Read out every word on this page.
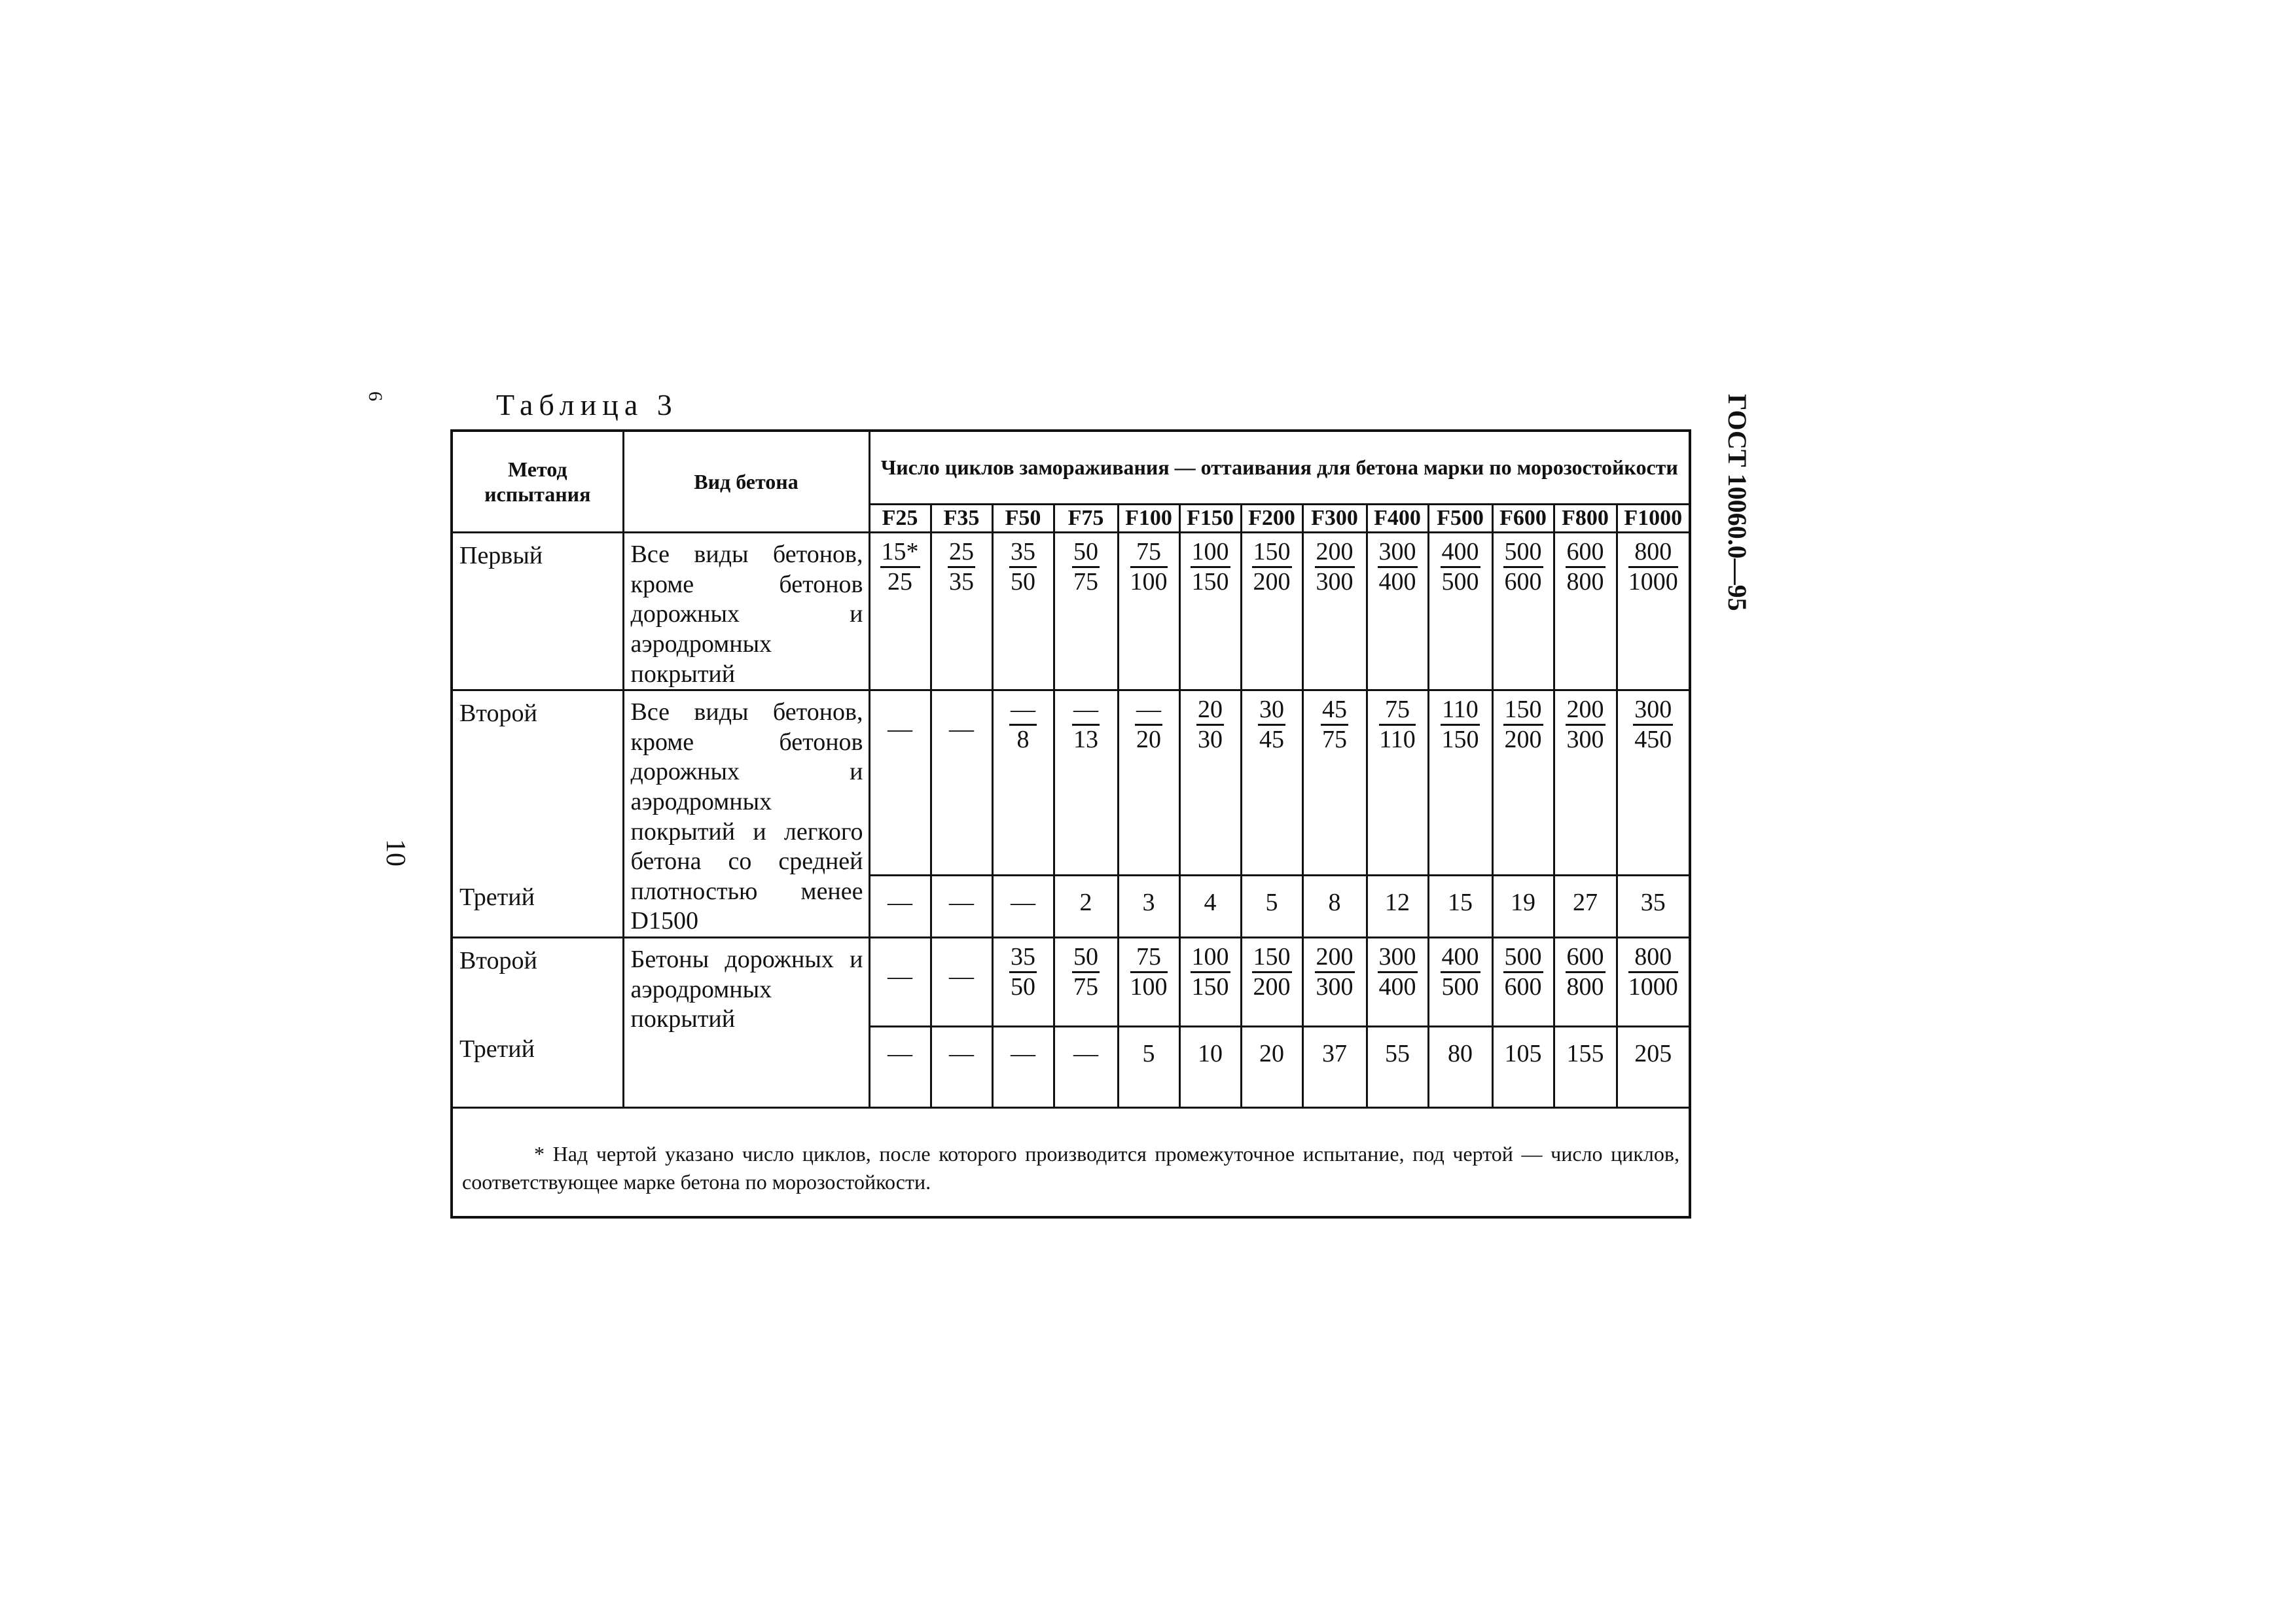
6
10
ГОСТ 10060.0—95
Таблица 3
Метод испытания	Вид бетона	Число циклов замораживания — оттаивания для бетона марки по морозостойкости												
		F25	F35	F50	F75	F100	F150	F200	F300	F400	F500	F600	F800	F1000
Первый	Все виды бетонов, кроме бетонов дорожных и аэродромных покрытий	$\frac{15*}{25}$	$\frac{25}{35}$	$\frac{35}{50}$	$\frac{50}{75}$	$\frac{75}{100}$	$\frac{100}{150}$	$\frac{150}{200}$	$\frac{200}{300}$	$\frac{300}{400}$	$\frac{400}{500}$	$\frac{500}{600}$	$\frac{600}{800}$	$\frac{800}{1000}$

Второй	Все виды бетонов, кроме бетонов дорожных и аэродромных покрытий и легкого бетона со средней плотностью менее D1500	—	—	$\frac{—}{8}$	$\frac{—}{13}$	$\frac{—}{20}$	$\frac{20}{30}$	$\frac{30}{45}$	$\frac{45}{75}$	$\frac{75}{110}$	$\frac{110}{150}$	$\frac{150}{200}$	$\frac{200}{300}$	$\frac{300}{450}$

Третий		—	—	—	2	3	4	5	8	12	15	19	27	35
Второй	Бетоны дорожных и аэродромных покрытий	—	—	$\frac{35}{50}$	$\frac{50}{75}$	$\frac{75}{100}$	$\frac{100}{150}$	$\frac{150}{200}$	$\frac{200}{300}$	$\frac{300}{400}$	$\frac{400}{500}$	$\frac{500}{600}$	$\frac{600}{800}$	$\frac{800}{1000}$

Третий		—	—	—	—	5	10	20	37	55	80	105	155	205
* Над чертой указано число циклов, после которого производится промежуточное испытание, под чертой — число циклов, соответствующее марке бетона по морозостойкости.														
